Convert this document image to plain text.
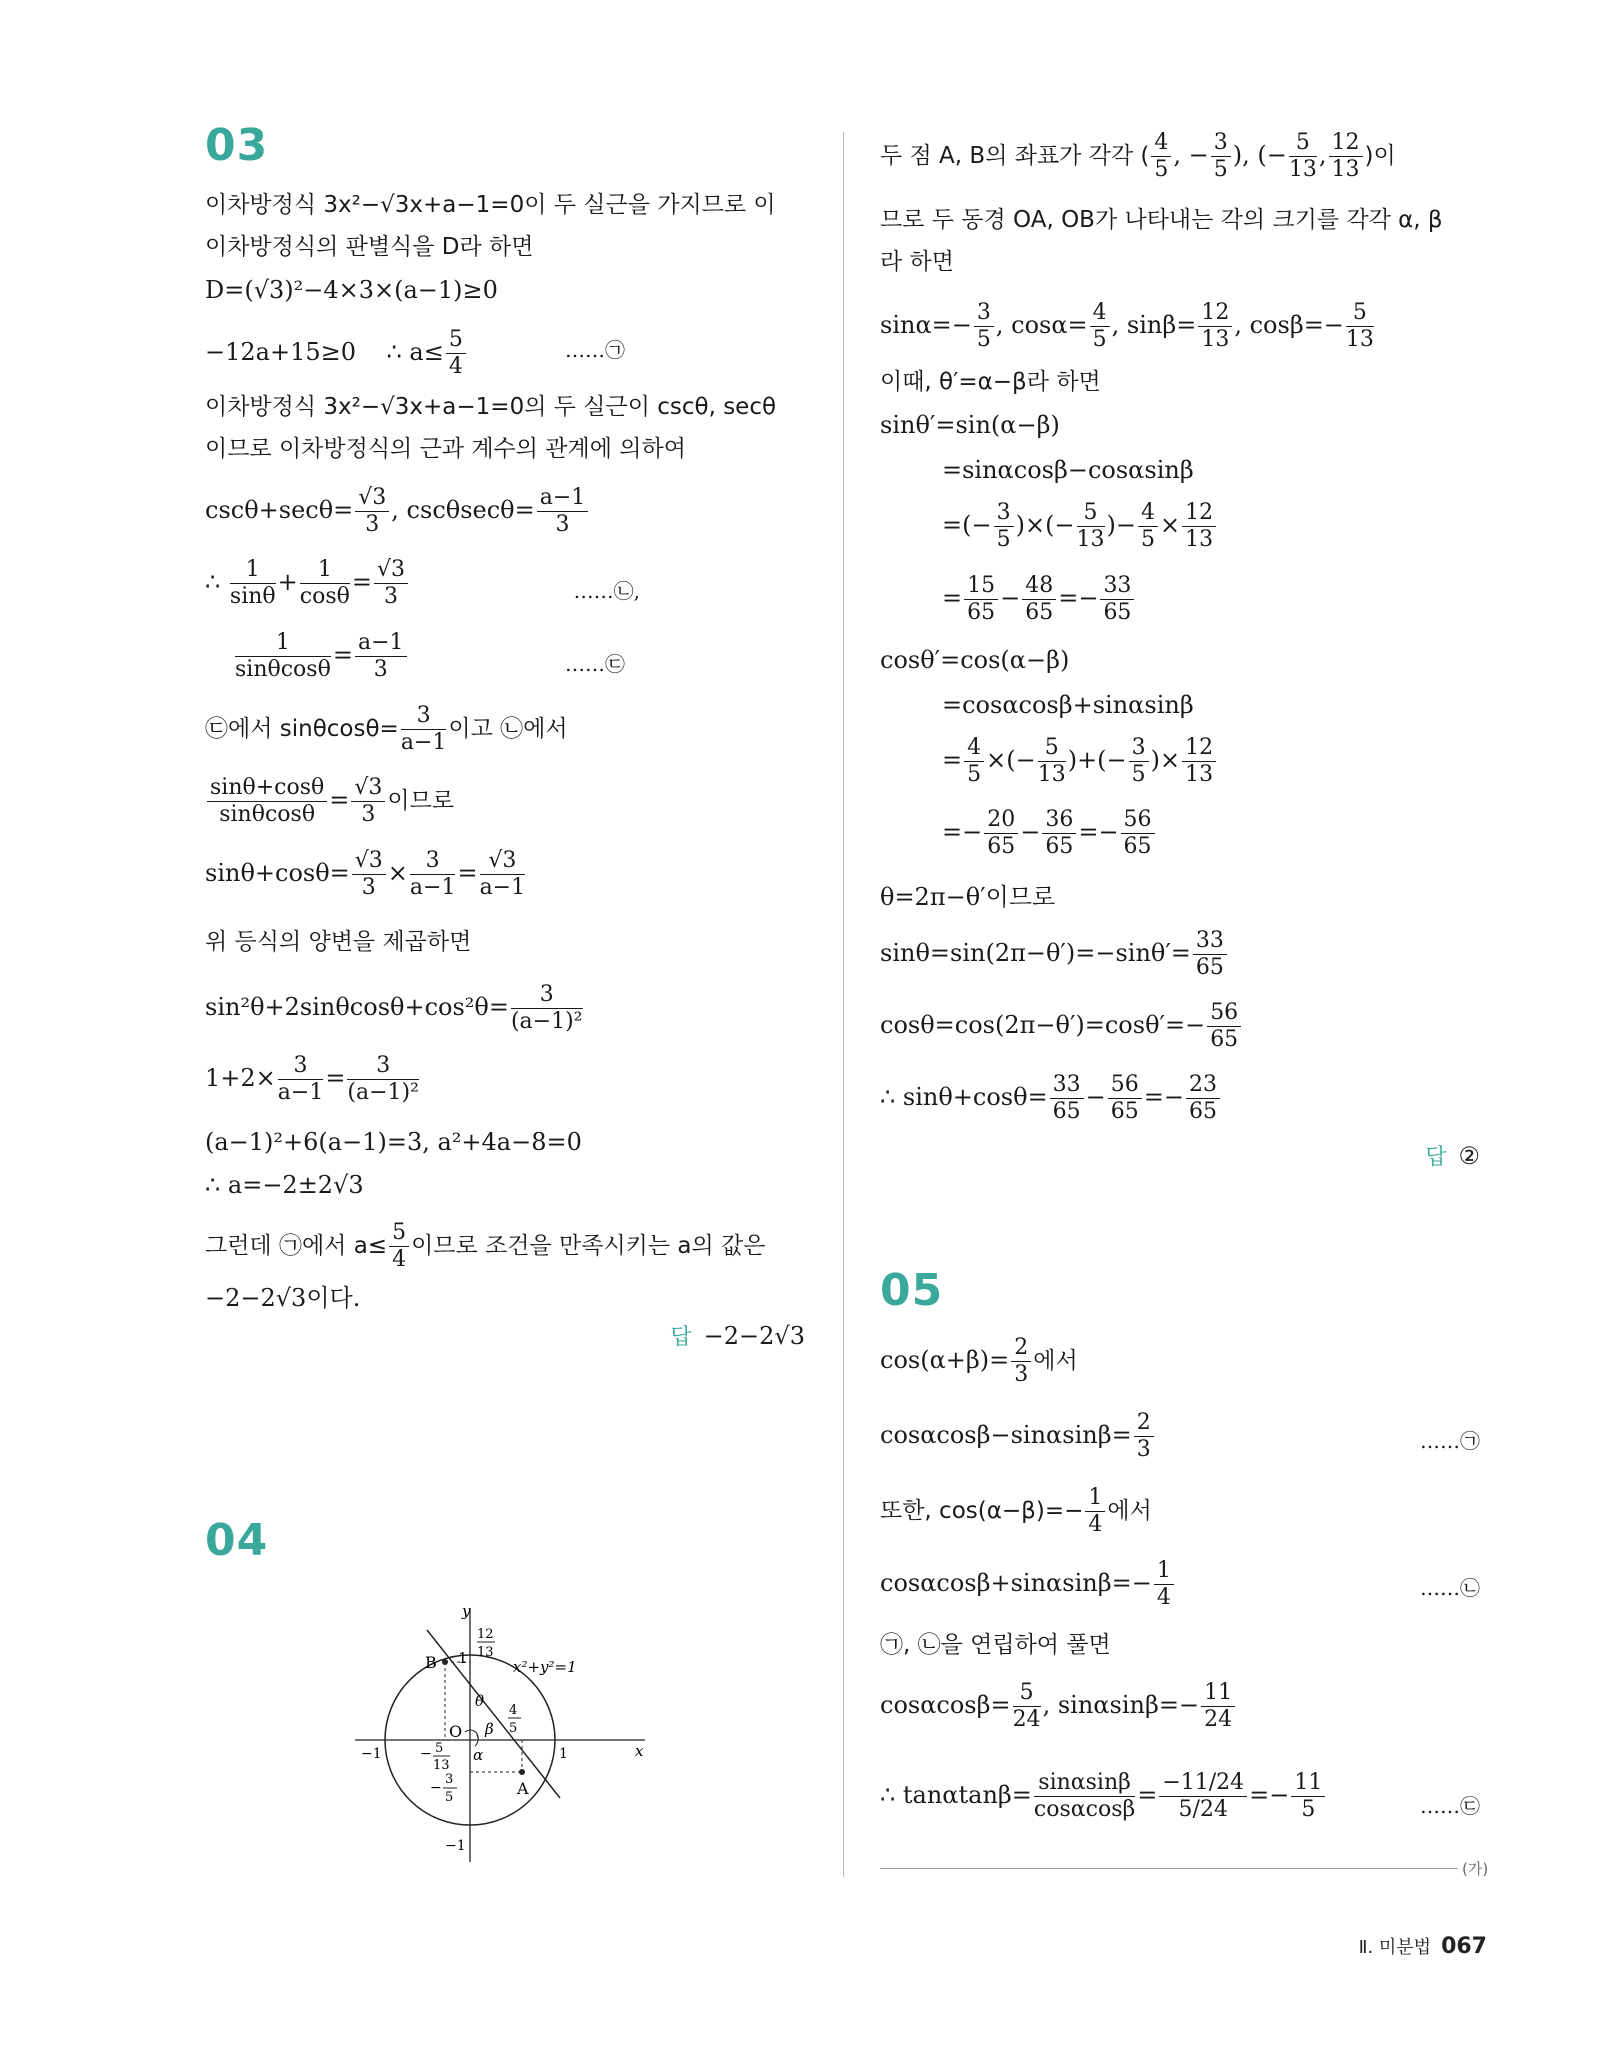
03
이차방정식 3x²−√3x+a−1=0이 두 실근을 가지므로 이
이차방정식의 판별식을 D라 하면
D=(√3)²−4×3×(a−1)≥0
−12a+15≥0 ∴ $a\le \frac{5}{4}$	……㉠
이차방정식 3x²−√3x+a−1=0의 두 실근이 cscθ, secθ
이므로 이차방정식의 근과 계수의 관계에 의하여
$\csc\theta+\sec\theta= \frac{√3}{3}$ , $\csc\theta\sec\theta= \frac{a-1}{3}$
∴ $\frac{1}{\sin\theta} + \frac{1}{\cos\theta} = \frac{√3}{3}$	……㉡,
$\frac{1}{\sin\theta\cos\theta} = \frac{a-1}{3}$	……㉢
㉢에서 $\sin\theta\cos\theta= \frac{3}{a-1}$ 이고 ㉡에서
$\frac{\sin\theta+\cos\theta}{\sin\theta\cos\theta} = \frac{√3}{3}$ 이므로
$\sin\theta+\cos\theta= \frac{√3}{3} \times \frac{3}{a-1} = \frac{√3}{a-1}$
위 등식의 양변을 제곱하면
$\sin^2\theta+2\sin\theta\cos\theta+\cos^2\theta= \frac{3}{\text{(a−1)²}}$
$1+2\times \frac{3}{a-1} = \frac{3}{\text{(a−1)²}}$
(a−1)²+6(a−1)=3, a²+4a−8=0
∴ a=−2±2√3
그런데 ㉠에서 $a\le \frac{5}{4}$ 이므로 조건을 만족시키는 a의 값은
−2−2√3이다.
답 −2−2√3
04
y
x
1
12
13
x²+y²=1
B
θ
4
5
O β
−1	− 5
13
α	1
−
3
5	A
−1
두 점 A, B의 좌표가 각각 ( $\frac{4}{5}$ , − $\frac{3}{5}$ ), (− $\frac{5}{13}$ , $\frac{12}{13}$ )이
므로 두 동경 OA, OB가 나타내는 각의 크기를 각각 α, β
라 하면
$\sin\alpha=- \frac{3}{5}$ , $\cos\alpha= \frac{4}{5}$ , $\sin\beta= \frac{12}{13}$ , $\cos\beta=- \frac{5}{13}$
이때, θ′=α−β라 하면
sinθ′=sin(α−β)
=sinαcosβ−cosαsinβ
=(− $\frac{3}{5}$ )×(− $\frac{5}{13}$ )− $\frac{4}{5} \times \frac{12}{13}$
= $\frac{15}{65} - \frac{48}{65} =- \frac{33}{65}$
cosθ′=cos(α−β)
=cosαcosβ+sinαsinβ
= $\frac{4}{5}$ ×(− $\frac{5}{13}$ )+(− $\frac{3}{5}$ )× $\frac{12}{13}$
=− $\frac{20}{65} - \frac{36}{65} =- \frac{56}{65}$
θ=2π−θ′이므로
$\sin\theta=\sin(2\pi-\theta')=-\sin\theta'= \frac{33}{65}$
$\cos\theta=\cos(2\pi-\theta')=\cos\theta'=- \frac{56}{65}$
∴ $\sin\theta+\cos\theta= \frac{33}{65} - \frac{56}{65} =- \frac{23}{65}$
답 ②
05
$\cos(\alpha+\beta)= \frac{2}{3}$ 에서
$\cos\alpha\cos\beta-\sin\alpha\sin\beta= \frac{2}{3}$	……㉠
또한, $\cos(\alpha-\beta)=- \frac{1}{4}$ 에서
$\cos\alpha\cos\beta+\sin\alpha\sin\beta=- \frac{1}{4}$	……㉡
㉠, ㉡을 연립하여 풀면
$\cos\alpha\cos\beta= \frac{5}{24}$ , $\sin\alpha\sin\beta=- \frac{11}{24}$
∴ $\tan\alpha\tan\beta= \frac{\sin\alpha\sin\beta}{\cos\alpha\cos\beta} = \frac{-11/24}{5/24} =- \frac{11}{5}$	……㉢
(가)
Ⅱ. 미분법 067
